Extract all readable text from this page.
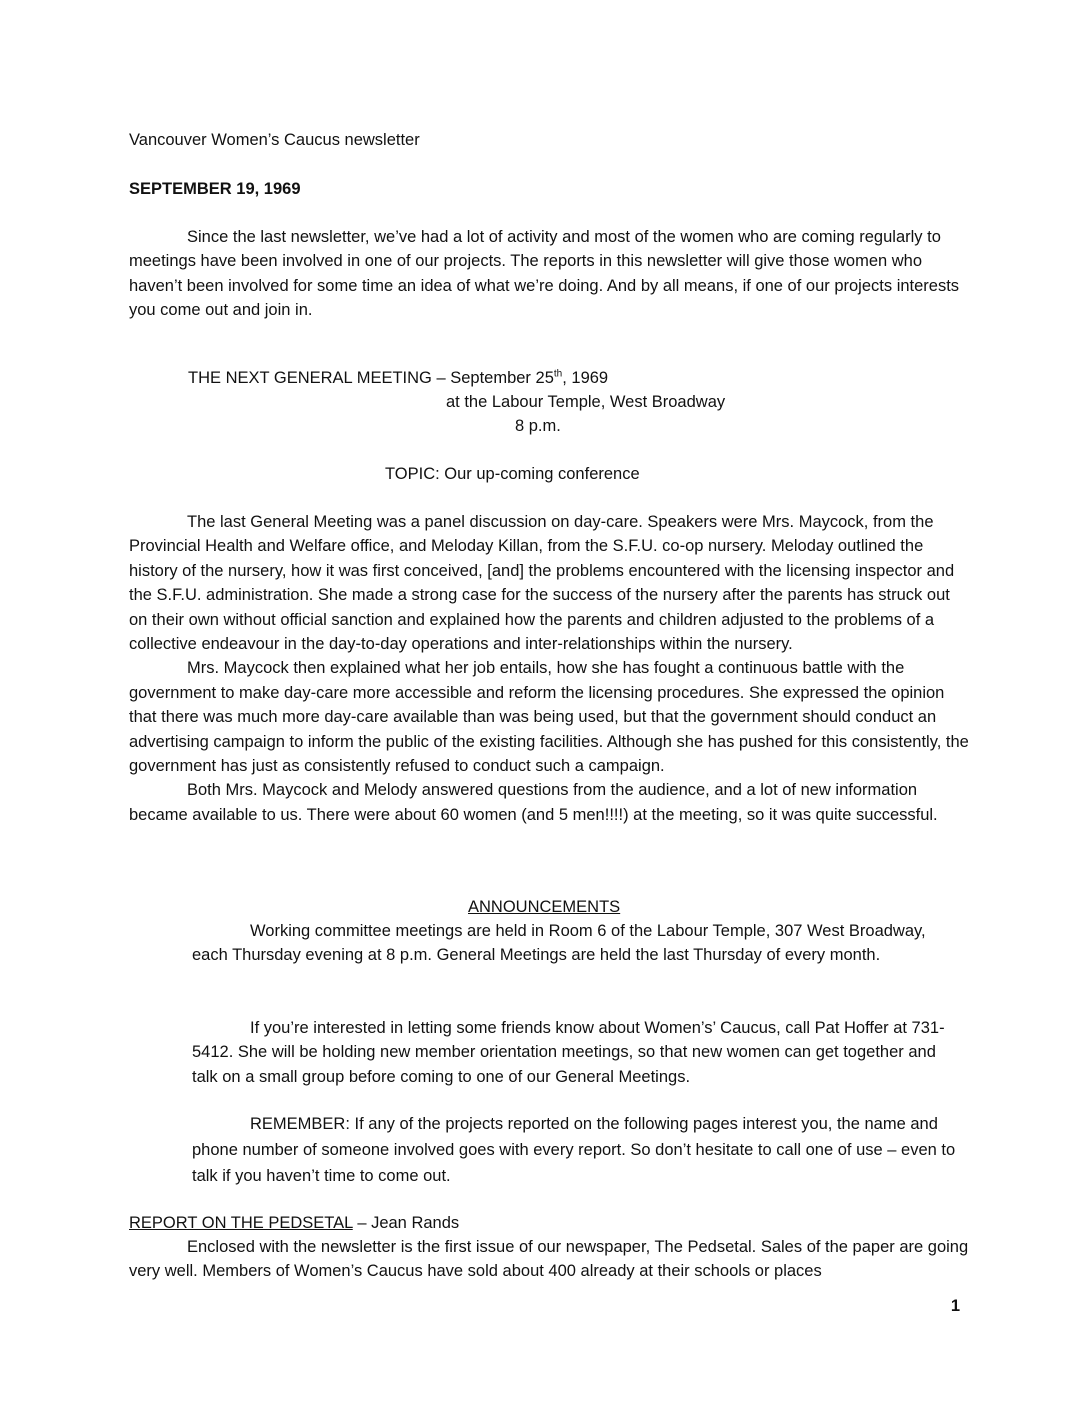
Vancouver Women’s Caucus newsletter

SEPTEMBER 19, 1969

Since the last newsletter, we’ve had a lot of activity and most of the women who are coming regularly to meetings have been involved in one of our projects. The reports in this newsletter will give those women who haven’t been involved for some time an idea of what we’re doing. And by all means, if one of our projects interests you come out and join in.

THE NEXT GENERAL MEETING – September 25th, 1969

at the Labour Temple, West Broadway

8 p.m.

TOPIC: Our up-coming conference

The last General Meeting was a panel discussion on day-care. Speakers were Mrs. Maycock, from the Provincial Health and Welfare office, and Meloday Killan, from the S.F.U. co-op nursery. Meloday outlined the history of the nursery, how it was first conceived, [and] the problems encountered with the licensing inspector and the S.F.U. administration. She made a strong case for the success of the nursery after the parents has struck out on their own without official sanction and explained how the parents and children adjusted to the problems of a collective endeavour in the day-to-day operations and inter-relationships within the nursery.

Mrs. Maycock then explained what her job entails, how she has fought a continuous battle with the government to make day-care more accessible and reform the licensing procedures. She expressed the opinion that there was much more day-care available than was being used, but that the government should conduct an advertising campaign to inform the public of the existing facilities. Although she has pushed for this consistently, the government has just as consistently refused to conduct such a campaign.

Both Mrs. Maycock and Melody answered questions from the audience, and a lot of new information became available to us. There were about 60 women (and 5 men!!!!) at the meeting, so it was quite successful.

ANNOUNCEMENTS

Working committee meetings are held in Room 6 of the Labour Temple, 307 West Broadway, each Thursday evening at 8 p.m. General Meetings are held the last Thursday of every month.

If you’re interested in letting some friends know about Women’s’ Caucus, call Pat Hoffer at 731-5412. She will be holding new member orientation meetings, so that new women can get together and talk on a small group before coming to one of our General Meetings.

REMEMBER: If any of the projects reported on the following pages interest you, the name and phone number of someone involved goes with every report. So don’t hesitate to call one of use – even to talk if you haven’t time to come out.

REPORT ON THE PEDSETAL – Jean Rands

Enclosed with the newsletter is the first issue of our newspaper, The Pedsetal. Sales of the paper are going very well. Members of Women’s Caucus have sold about 400 already at their schools or places

1
